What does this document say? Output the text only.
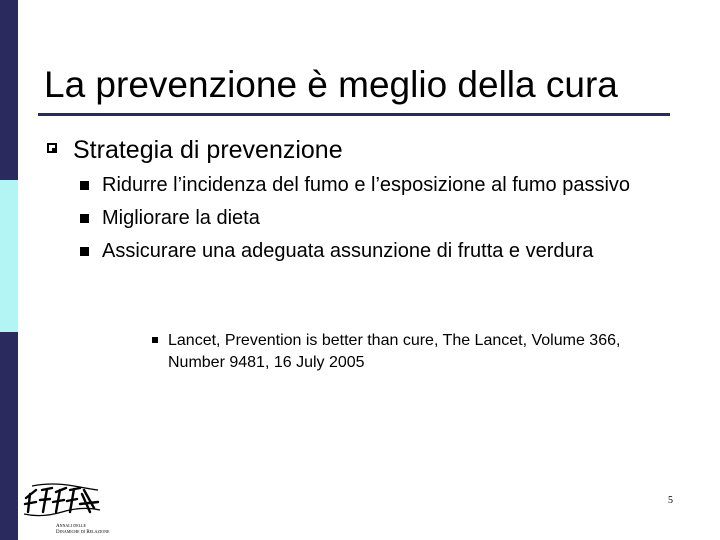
La prevenzione è meglio della cura
Strategia di prevenzione
Ridurre l’incidenza del fumo e l’esposizione al fumo passivo
Migliorare la dieta
Assicurare una adeguata assunzione di frutta e verdura
Lancet, Prevention is better than cure, The Lancet, Volume 366, Number 9481, 16 July 2005
Annali delle
Dinamiche di Relazione
5
